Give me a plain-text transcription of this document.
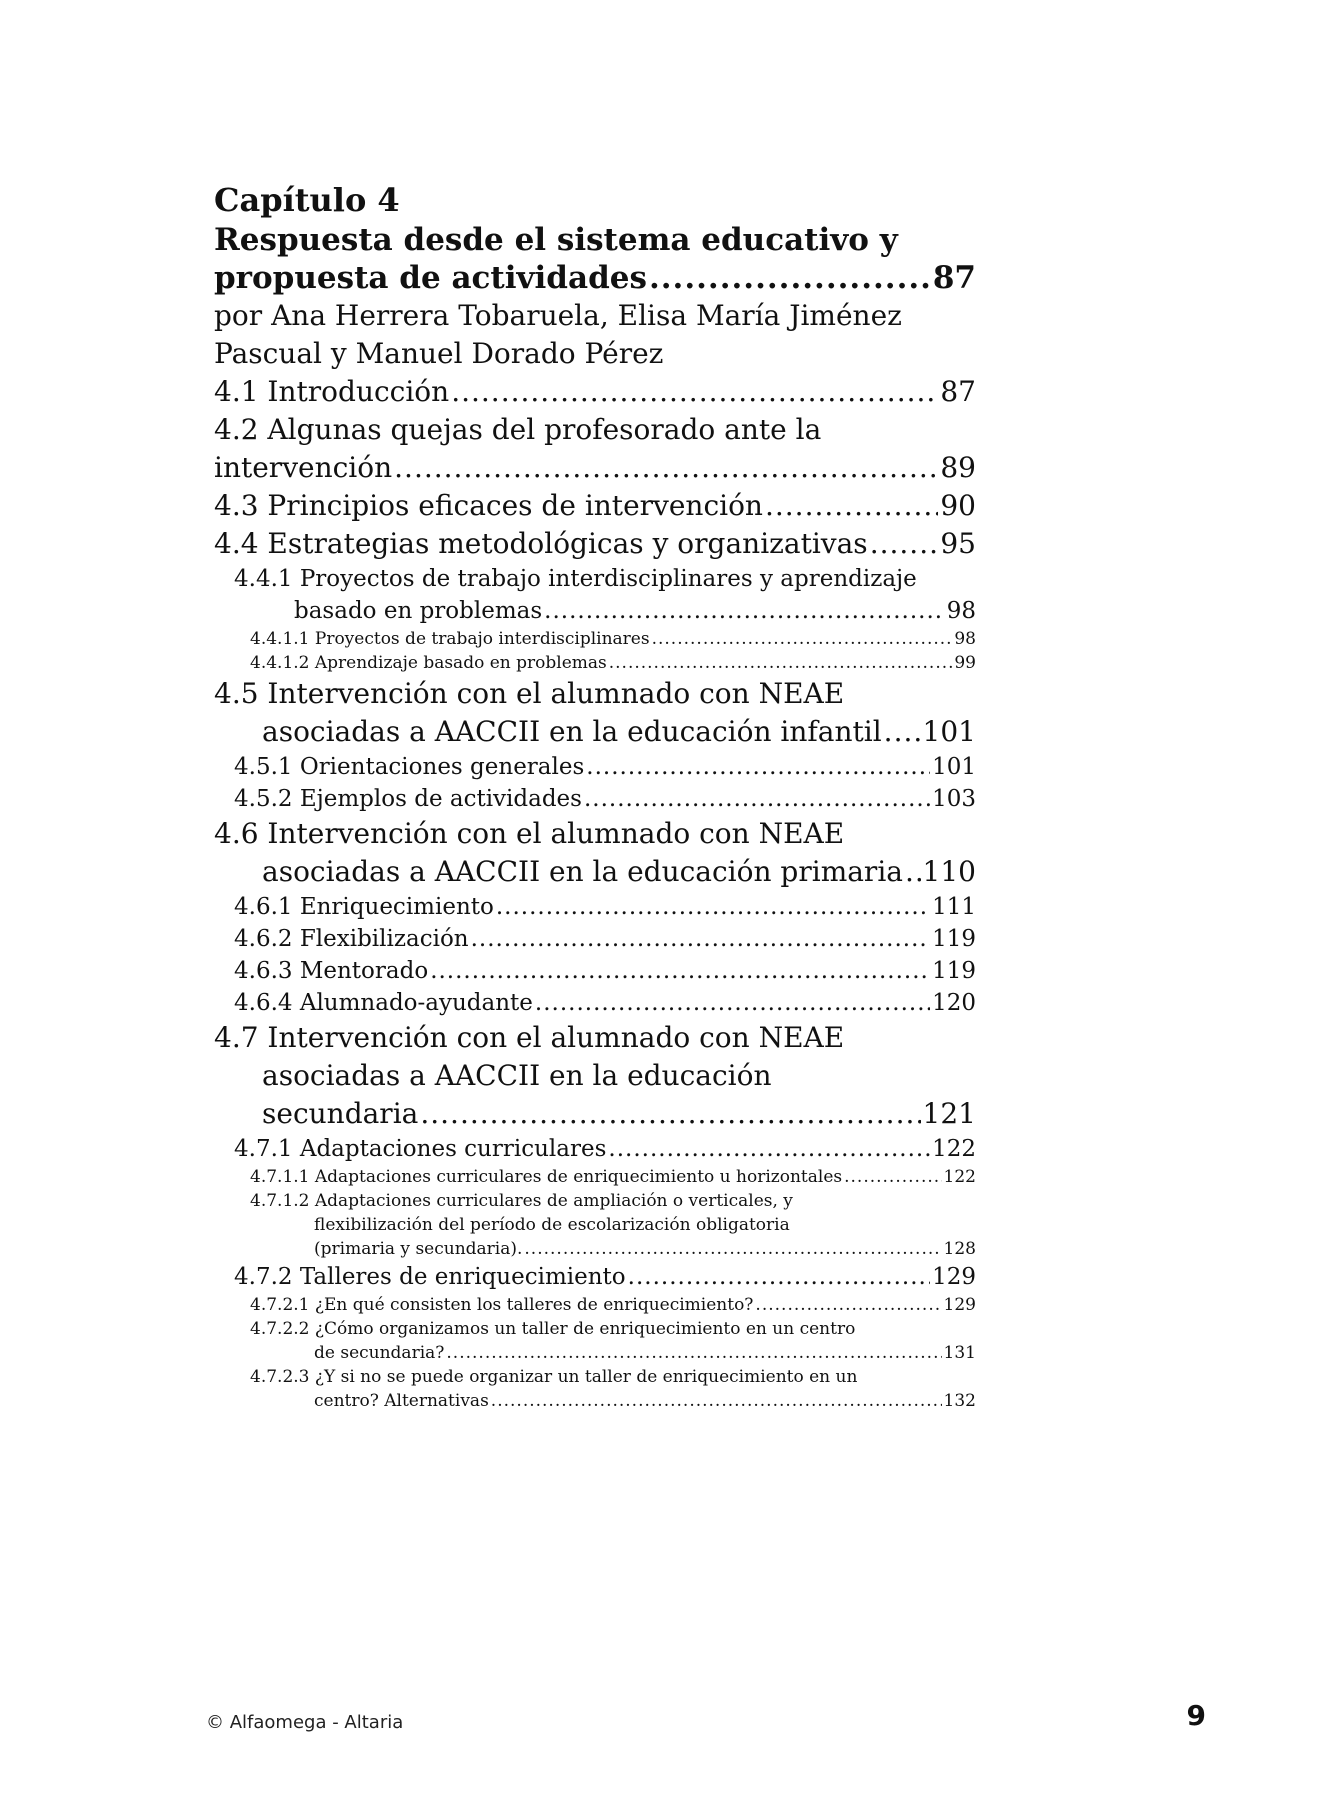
Capítulo 4
Respuesta desde el sistema educativo y
propuesta de actividades .....	87
por Ana Herrera Tobaruela, Elisa María Jiménez
Pascual y Manuel Dorado Pérez
4.1 Introducción .....	87
4.2 Algunas quejas del profesorado ante la
intervención .....	89
4.3 Principios eficaces de intervención .....	90
4.4 Estrategias metodológicas y organizativas .....	95
4.4.1 Proyectos de trabajo interdisciplinares y aprendizaje
basado en problemas .....	98
4.4.1.1 Proyectos de trabajo interdisciplinares .....	98
4.4.1.2 Aprendizaje basado en problemas .....	99
4.5 Intervención con el alumnado con NEAE
asociadas a AACCII en la educación infantil ..... 101
4.5.1 Orientaciones generales .....	101
4.5.2 Ejemplos de actividades .....	103
4.6 Intervención con el alumnado con NEAE
asociadas a AACCII en la educación primaria ..... 110
4.6.1 Enriquecimiento .....	111
4.6.2 Flexibilización .....	119
4.6.3 Mentorado .....	119
4.6.4 Alumnado-ayudante .....	120
4.7 Intervención con el alumnado con NEAE
asociadas a AACCII en la educación
secundaria .....	121
4.7.1 Adaptaciones curriculares .....	122
4.7.1.1 Adaptaciones curriculares de enriquecimiento u horizontales .....	122
4.7.1.2 Adaptaciones curriculares de ampliación o verticales, y
flexibilización del período de escolarización obligatoria
(primaria y secundaria). .....	128
4.7.2 Talleres de enriquecimiento .....	129
4.7.2.1 ¿En qué consisten los talleres de enriquecimiento? .....	129
4.7.2.2 ¿Cómo organizamos un taller de enriquecimiento en un centro
de secundaria? .....	131
4.7.2.3 ¿Y si no se puede organizar un taller de enriquecimiento en un
centro? Alternativas .....	132
© Alfaomega - Altaria	9
